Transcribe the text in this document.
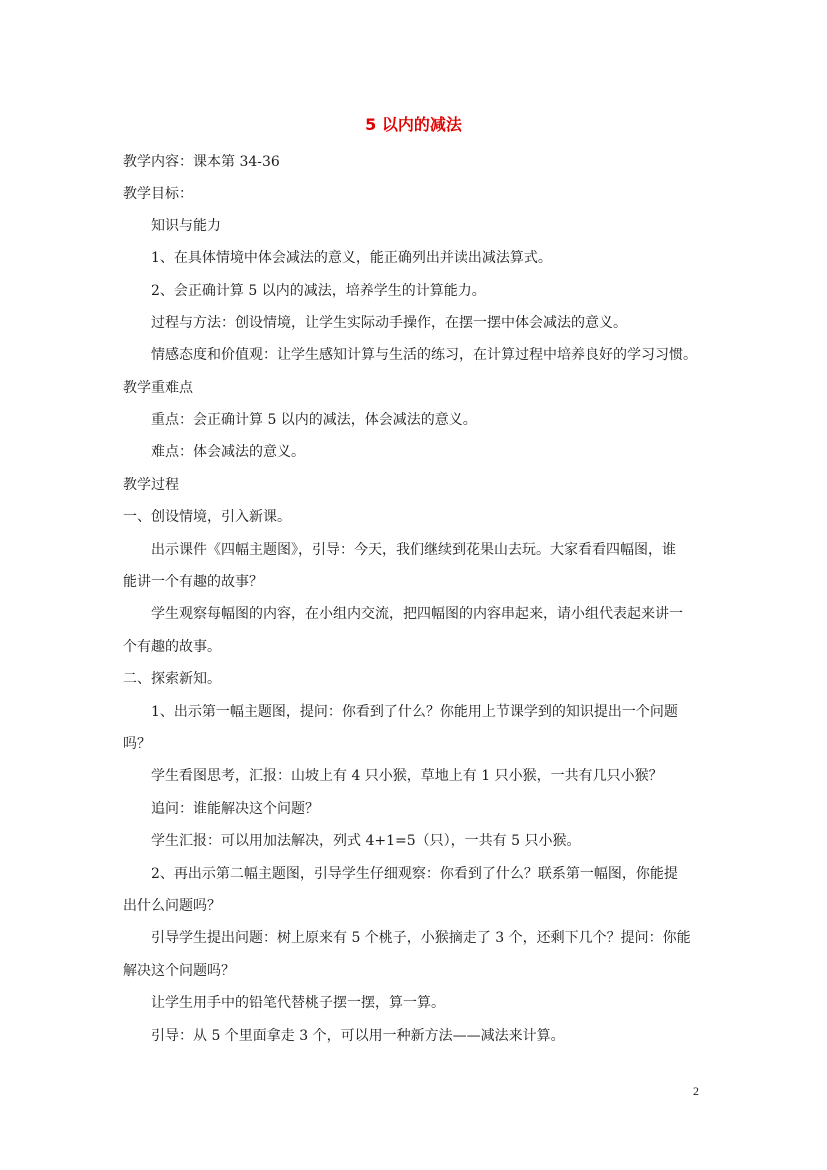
5 以内的减法

教学内容：课本第 34-36

教学目标：

知识与能力

1、在具体情境中体会减法的意义，能正确列出并读出减法算式。

2、会正确计算 5 以内的减法，培养学生的计算能力。

过程与方法：创设情境，让学生实际动手操作，在摆一摆中体会减法的意义。

情感态度和价值观：让学生感知计算与生活的练习，在计算过程中培养良好的学习习惯。

教学重难点

重点：会正确计算 5 以内的减法，体会减法的意义。

难点：体会减法的意义。

教学过程

一、创设情境，引入新课。

出示课件《四幅主题图》，引导：今天，我们继续到花果山去玩。大家看看四幅图，谁

能讲一个有趣的故事？

学生观察每幅图的内容，在小组内交流，把四幅图的内容串起来，请小组代表起来讲一

个有趣的故事。

二、探索新知。

1、出示第一幅主题图，提问：你看到了什么？你能用上节课学到的知识提出一个问题

吗？

学生看图思考，汇报：山坡上有 4 只小猴，草地上有 1 只小猴，一共有几只小猴？

追问：谁能解决这个问题？

学生汇报：可以用加法解决，列式 4+1=5（只），一共有 5 只小猴。

2、再出示第二幅主题图，引导学生仔细观察：你看到了什么？联系第一幅图，你能提

出什么问题吗？

引导学生提出问题：树上原来有 5 个桃子，小猴摘走了 3 个，还剩下几个？提问：你能

解决这个问题吗？

让学生用手中的铅笔代替桃子摆一摆，算一算。

引导：从 5 个里面拿走 3 个，可以用一种新方法——减法来计算。

2
